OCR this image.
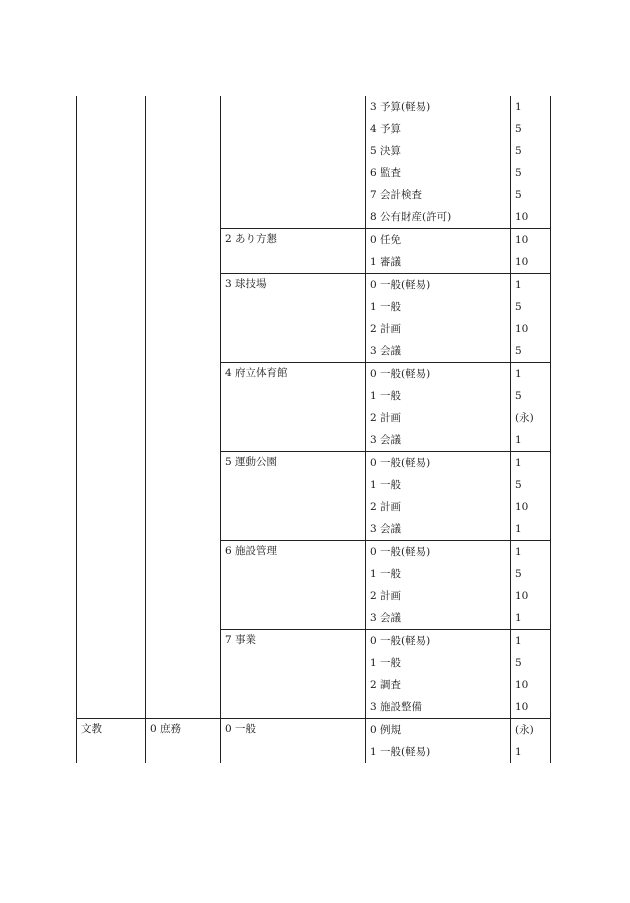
			3 予算(軽易)	1
			4 予算	5
			5 決算	5
			6 監査	5
			7 会計検査	5
			8 公有財産(許可)	10
		2 あり方懇	0 任免	10
			1 審議	10
		3 球技場	0 一般(軽易)	1
			1 一般	5
			2 計画	10
			3 会議	5
		4 府立体育館	0 一般(軽易)	1
			1 一般	5
			2 計画	(永)
			3 会議	1
		5 運動公園	0 一般(軽易)	1
			1 一般	5
			2 計画	10
			3 会議	1
		6 施設管理	0 一般(軽易)	1
			1 一般	5
			2 計画	10
			3 会議	1
		7 事業	0 一般(軽易)	1
			1 一般	5
			2 調査	10
			3 施設整備	10
文教	0 庶務	0 一般	0 例規	(永)
			1 一般(軽易)	1
